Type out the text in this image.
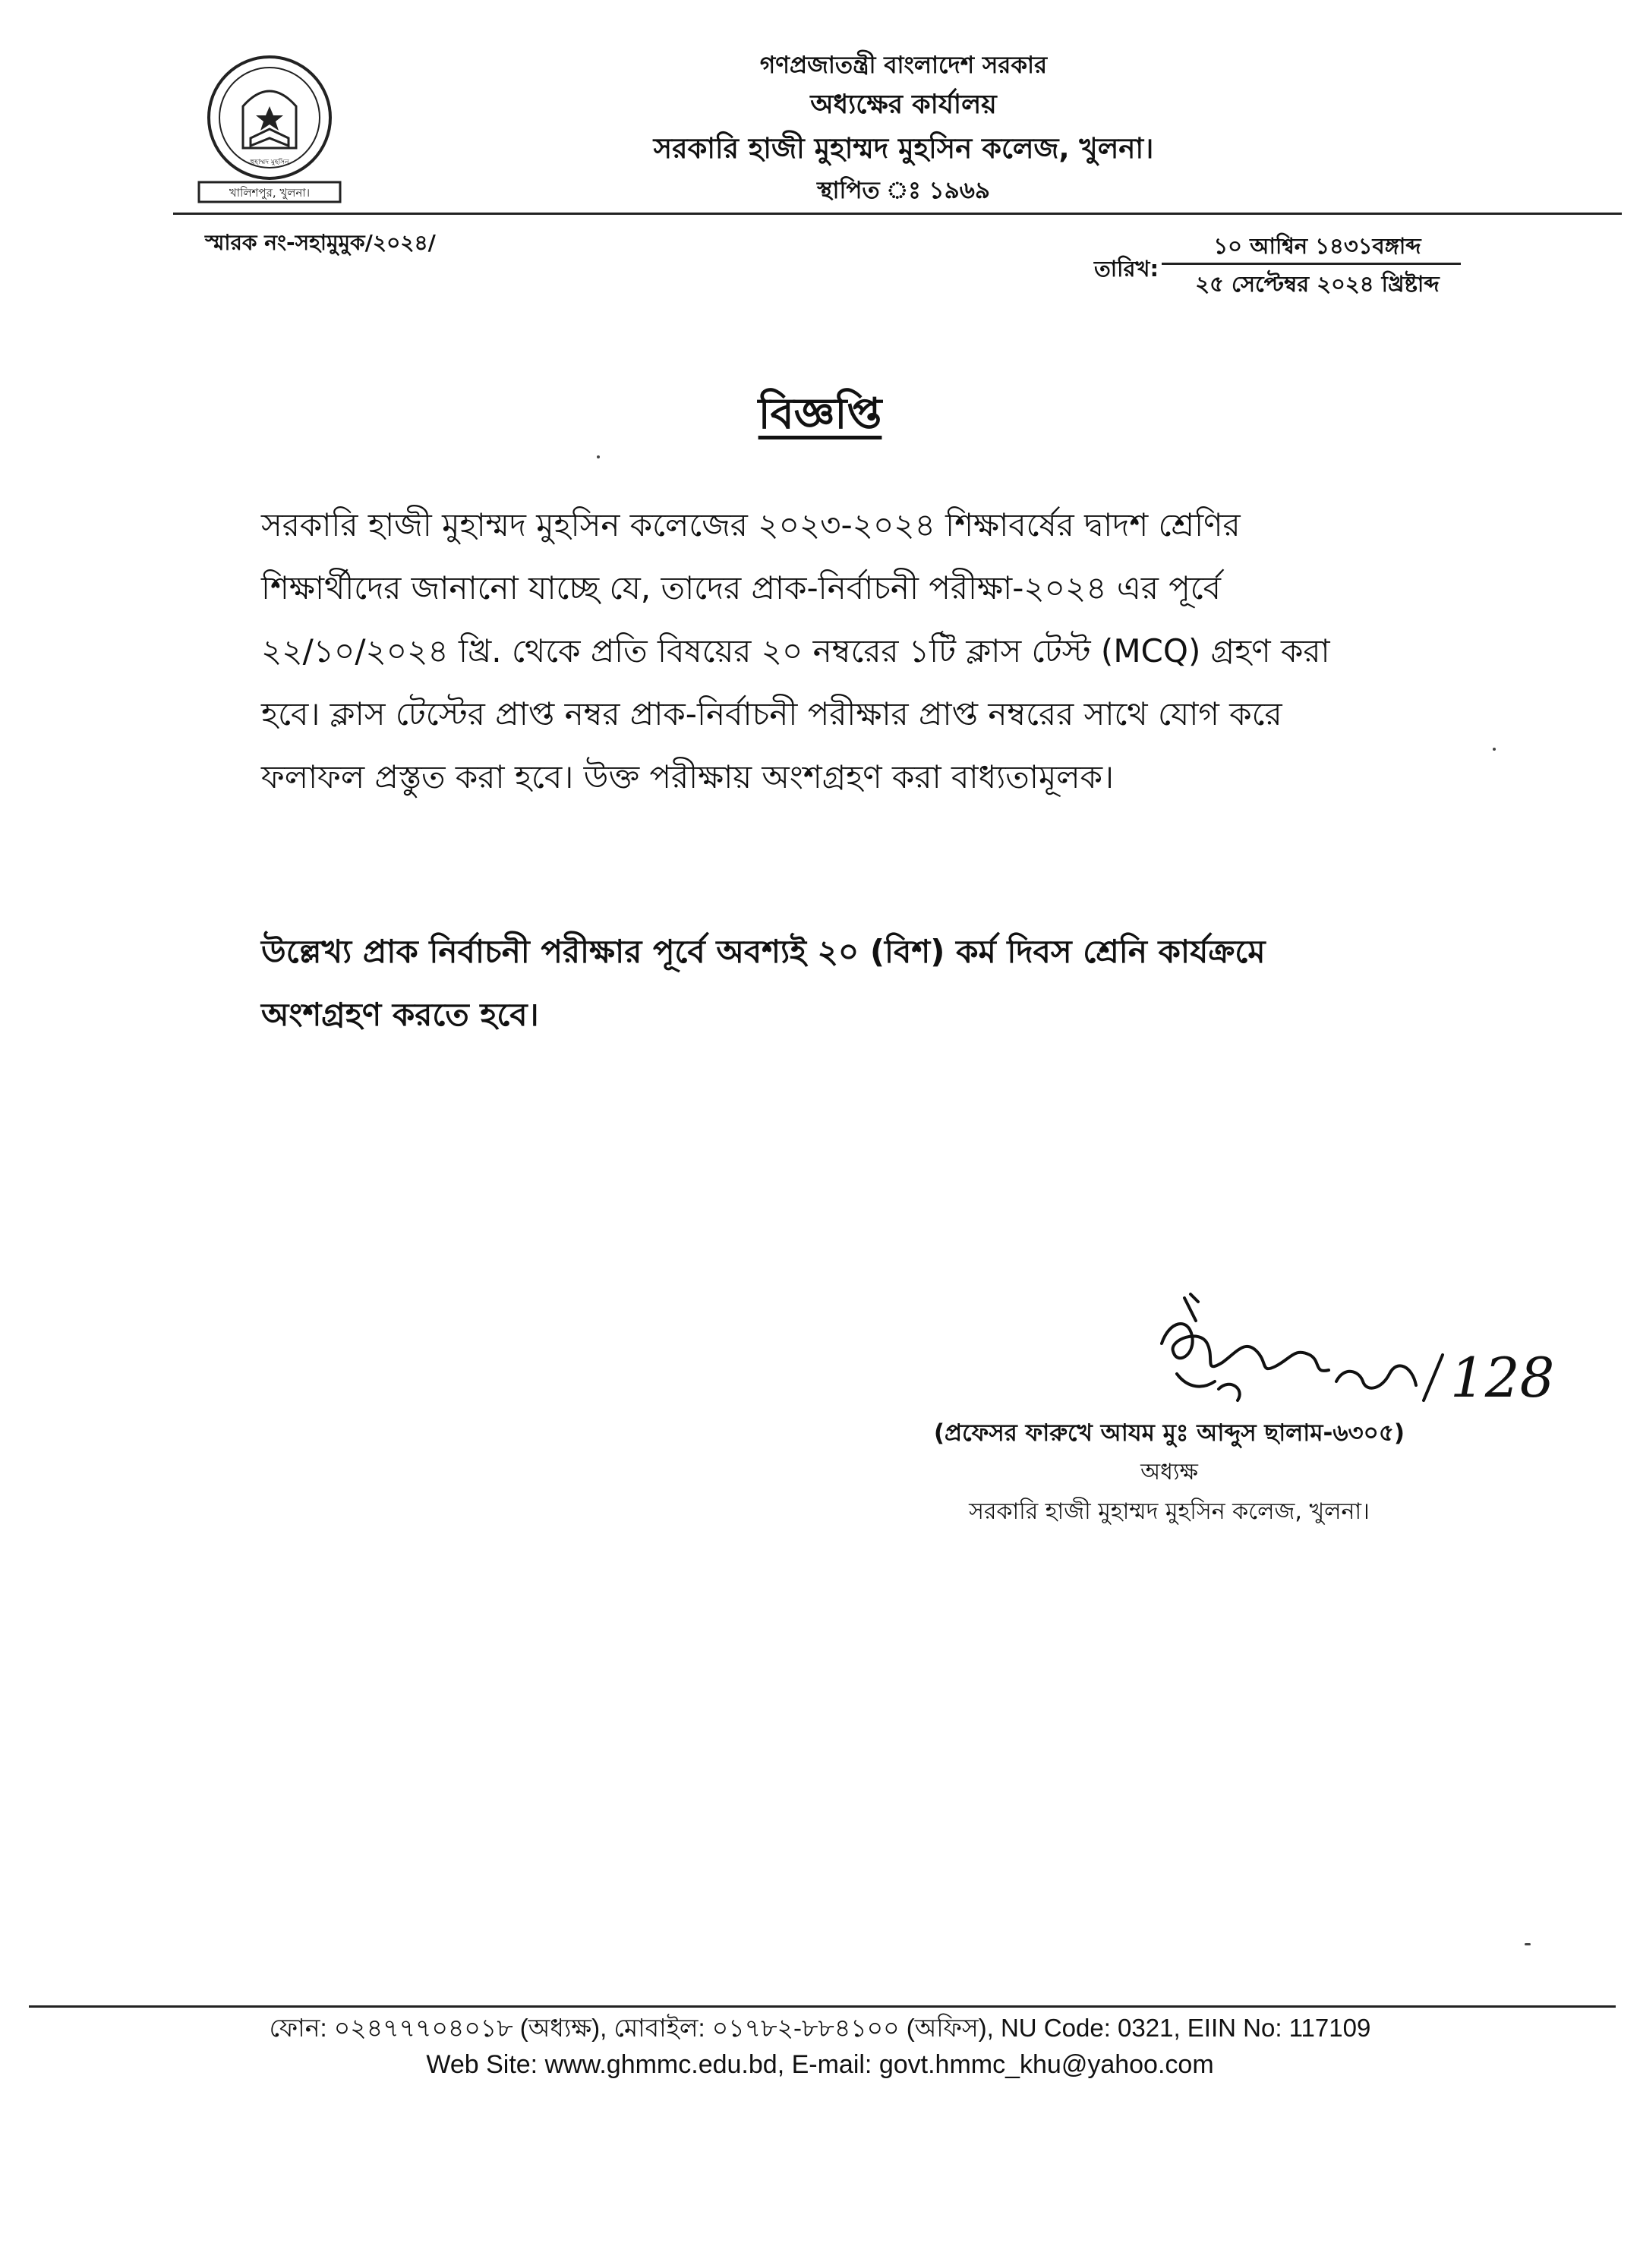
হুহাম্মদ মুহসিন
খালিশপুর, খুলনা।
গণপ্রজাতন্ত্রী বাংলাদেশ সরকার
অধ্যক্ষের কার্যালয়
সরকারি হাজী মুহাম্মদ মুহসিন কলেজ, খুলনা।
স্থাপিত ঃ ১৯৬৯
স্মারক নং-সহামুমুক/২০২৪/
তারিখ:
১০ আশ্বিন ১৪৩১বঙ্গাব্দ
২৫ সেপ্টেম্বর ২০২৪ খ্রিষ্টাব্দ
বিজ্ঞপ্তি
সরকারি হাজী মুহাম্মদ মুহসিন কলেজের ২০২৩-২০২৪ শিক্ষাবর্ষের দ্বাদশ শ্রেণির
শিক্ষার্থীদের জানানো যাচ্ছে যে, তাদের প্রাক-নির্বাচনী পরীক্ষা-২০২৪ এর পূর্বে
২২/১০/২০২৪ খ্রি. থেকে প্রতি বিষয়ের ২০ নম্বরের ১টি ক্লাস টেস্ট (MCQ) গ্রহণ করা
হবে। ক্লাস টেস্টের প্রাপ্ত নম্বর প্রাক-নির্বাচনী পরীক্ষার প্রাপ্ত নম্বরের সাথে যোগ করে
ফলাফল প্রস্তুত করা হবে। উক্ত পরীক্ষায় অংশগ্রহণ করা বাধ্যতামূলক।
উল্লেখ্য প্রাক নির্বাচনী পরীক্ষার পূর্বে অবশ্যই ২০ (বিশ) কর্ম দিবস শ্রেনি কার্যক্রমে
অংশগ্রহণ করতে হবে।
128
(প্রফেসর ফারুখে আযম মুঃ আব্দুস ছালাম-৬৩০৫)
অধ্যক্ষ
সরকারি হাজী মুহাম্মদ মুহসিন কলেজ, খুলনা।
ফোন: ০২৪৭৭৭০৪০১৮ (অধ্যক্ষ), মোবাইল: ০১৭৮২-৮৮৪১০০ (অফিস), NU Code: 0321, EIIN No: 117109
Web Site: www.ghmmc.edu.bd, E-mail: govt.hmmc_khu@yahoo.com
